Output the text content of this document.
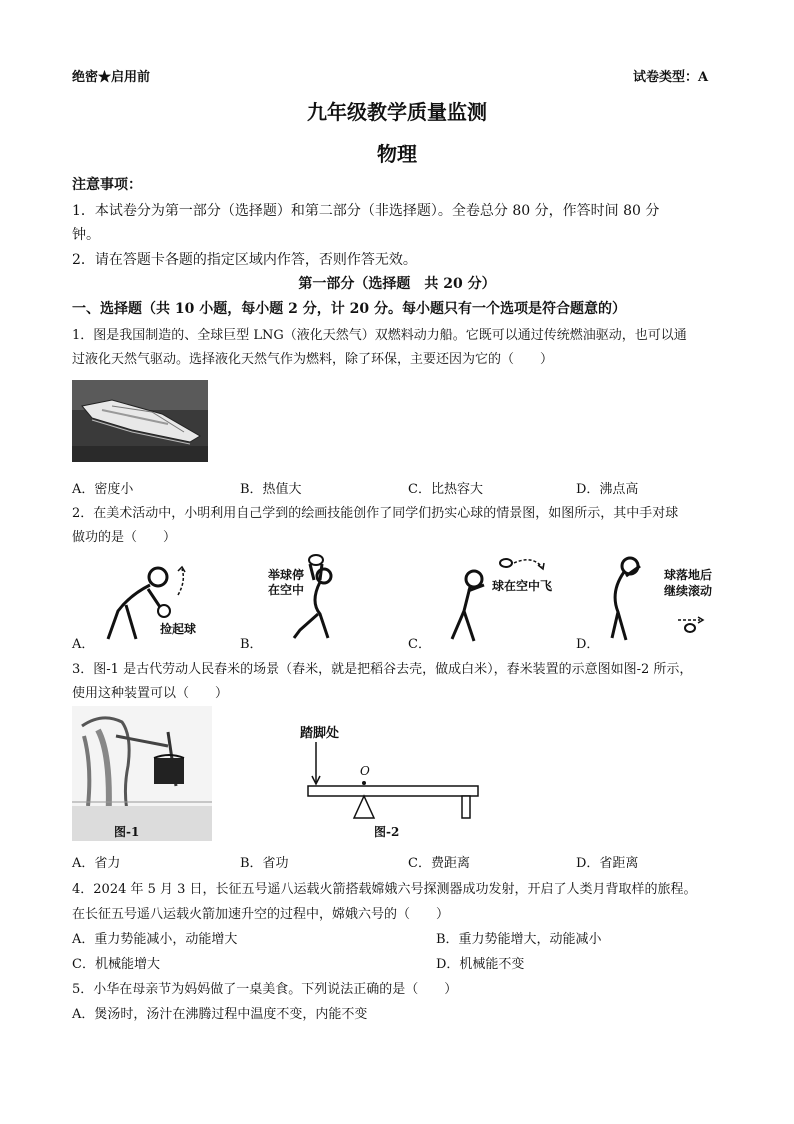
绝密★启用前	试卷类型：A
九年级教学质量监测
物理
注意事项：
1．本试卷分为第一部分（选择题）和第二部分（非选择题）。全卷总分 80 分，作答时间 80 分
钟。
2．请在答题卡各题的指定区域内作答，否则作答无效。
第一部分（选择题　共 20 分）
一、选择题（共 10 小题，每小题 2 分，计 20 分。每小题只有一个选项是符合题意的）
1．图是我国制造的、全球巨型 LNG（液化天然气）双燃料动力船。它既可以通过传统燃油驱动，也可以通
过液化天然气驱动。选择液化天然气作为燃料，除了环保，主要还因为它的（　　）
A．密度小	B．热值大	C．比热容大	D．沸点高
2．在美术活动中，小明利用自己学到的绘画技能创作了同学们扔实心球的情景图，如图所示，其中手对球
做功的是（　　）
捡起球
举球停
在空中	球在空中飞
球落地后
继续滚动
A．	B．	C．	D．
3．图-1 是古代劳动人民舂米的场景（舂米，就是把稻谷去壳，做成白米），舂米装置的示意图如图-2 所示，
使用这种装置可以（　　）
图-1
踏脚处
O
图-2
A．省力	B．省功	C．费距离	D．省距离
4．2024 年 5 月 3 日，长征五号遥八运载火箭搭载嫦娥六号探测器成功发射，开启了人类月背取样的旅程。
在长征五号遥八运载火箭加速升空的过程中，嫦娥六号的（　　）
A．重力势能减小，动能增大	B．重力势能增大，动能减小
C．机械能增大	D．机械能不变
5．小华在母亲节为妈妈做了一桌美食。下列说法正确的是（　　）
A．煲汤时，汤汁在沸腾过程中温度不变，内能不变
